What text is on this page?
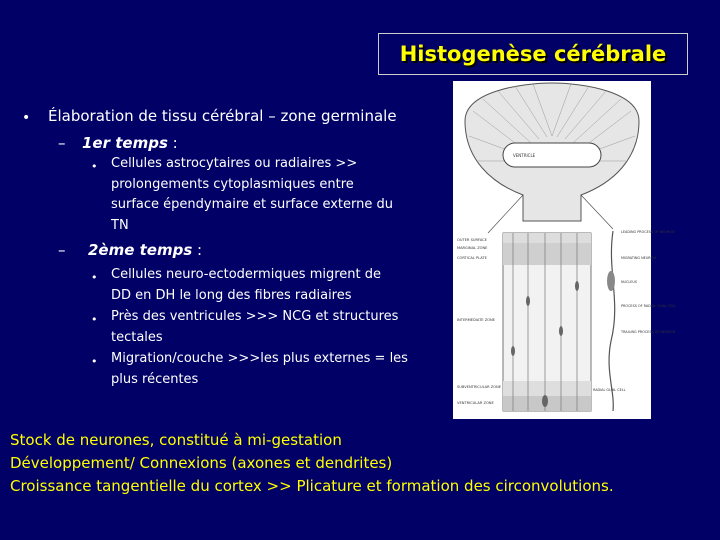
Histogenèse cérébrale
• Élaboration de tissu cérébral – zone germinale
– 1er temps :
• Cellules astrocytaires ou radiaires >>
prolongements cytoplasmiques entre
surface épendymaire et surface externe du
TN
– 2ème temps :
• Cellules neuro-ectodermiques migrent de
DD en DH le long des fibres radiaires
• Près des ventricules >>> NCG et structures
tectales
• Migration/couche >>>les plus externes = les
plus récentes
VENTRICLE
OUTER SURFACE
MARGINAL ZONE
CORTICAL PLATE
INTERMEDIATE ZONE
SUBVENTRICULAR ZONE
VENTRICULAR ZONE
LEADING PROCESS OF NEURON
MIGRATING NEURON
NUCLEUS
PROCESS OF RADIAL GLIAL CELL
TRAILING PROCESS OF NEURON
RADIAL GLIAL CELL
Stock de neurones, constitué à mi-gestation
Développement/ Connexions (axones et dendrites)
Croissance tangentielle du cortex >> Plicature et formation des circonvolutions.
